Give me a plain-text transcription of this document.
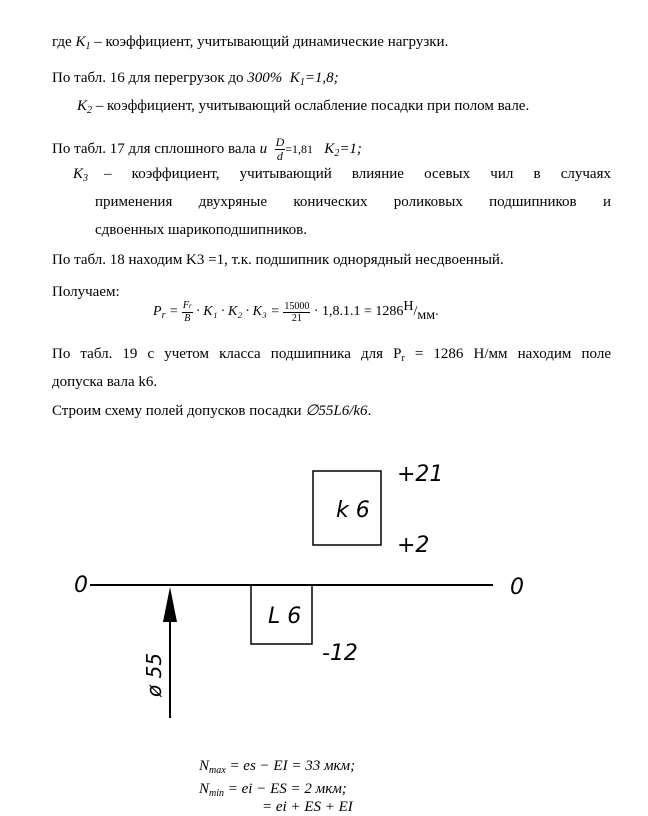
где $K_1$ – коэффициент, учитывающий динамические нагрузки.
По табл. 16 для перегрузок до 300% $K_1=1,8$;
$K_2$ – коэффициент, учитывающий ослабление посадки при полом вале.
По табл. 17 для сплошного вала u $\frac{D}{d} =1,81$ $K_2=1$;
$K_3$ – коэффициент, учитывающий влияние осевых чил в случаях
применения двухряные конических роликовых подшипников и
сдвоенных шарикоподшипников.
По табл. 18 находим K3 =1, т.к. подшипник однорядный несдвоенный.
Получаем:
$P_r = \frac{Fr}{B} \cdot K_1 \cdot K_2 \cdot K_3 = \frac{15000}{21} \cdot 1,8.1.1 = 1286Н/мм$.
По табл. 19 с учетом класса подшипника для $P_r = 1286$ Н/мм находим поле
допуска вала k6.
Строим схему полей допусков посадки ∅55L6/k6.
k 6
+21
+2
L 6
-12
0	0
ø 55
$N_{max}$ = es − EI = 33 мкм;
$N_{min}$ = ei − ES = 2 мкм;
= ei + ES + EI
